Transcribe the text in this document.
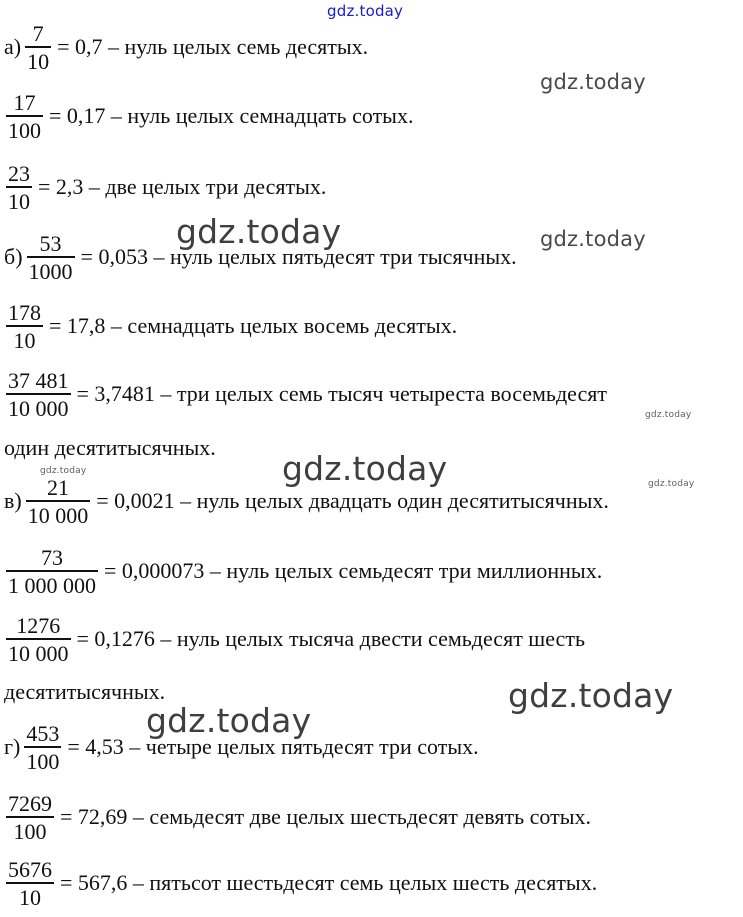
gdz.today
gdz.today
gdz.today	gdz.today
gdz.today
gdz.today
gdz.today
gdz.today
gdz.today
gdz.today
$а) \frac{7}{10} = 0,7$ – нуль целых семь десятых.
$\frac{17}{100} = 0,17$ – нуль целых семнадцать сотых.
$\frac{23}{10} = 2,3$ – две целых три десятых.
$б) \frac{53}{1000} = 0,053$ – нуль целых пятьдесят три тысячных.
$\frac{178}{10} = 17,8$ – семнадцать целых восемь десятых.
$\frac{37 481}{10 000} = 3,7481$ – три целых семь тысяч четыреста восемьдесят
один десятитысячных.
$в) \frac{21}{10 000} = 0,0021$ – нуль целых двадцать один десятитысячных.
$\frac{73}{1 000 000} = 0,000073$ – нуль целых семьдесят три миллионных.
$\frac{1276}{10 000} = 0,1276$ – нуль целых тысяча двести семьдесят шесть
десятитысячных.
$г) \frac{453}{100} = 4,53$ – четыре целых пятьдесят три сотых.
$\frac{7269}{100} = 72,69$ – семьдесят две целых шестьдесят девять сотых.
$\frac{5676}{10} = 567,6$ – пятьсот шестьдесят семь целых шесть десятых.
